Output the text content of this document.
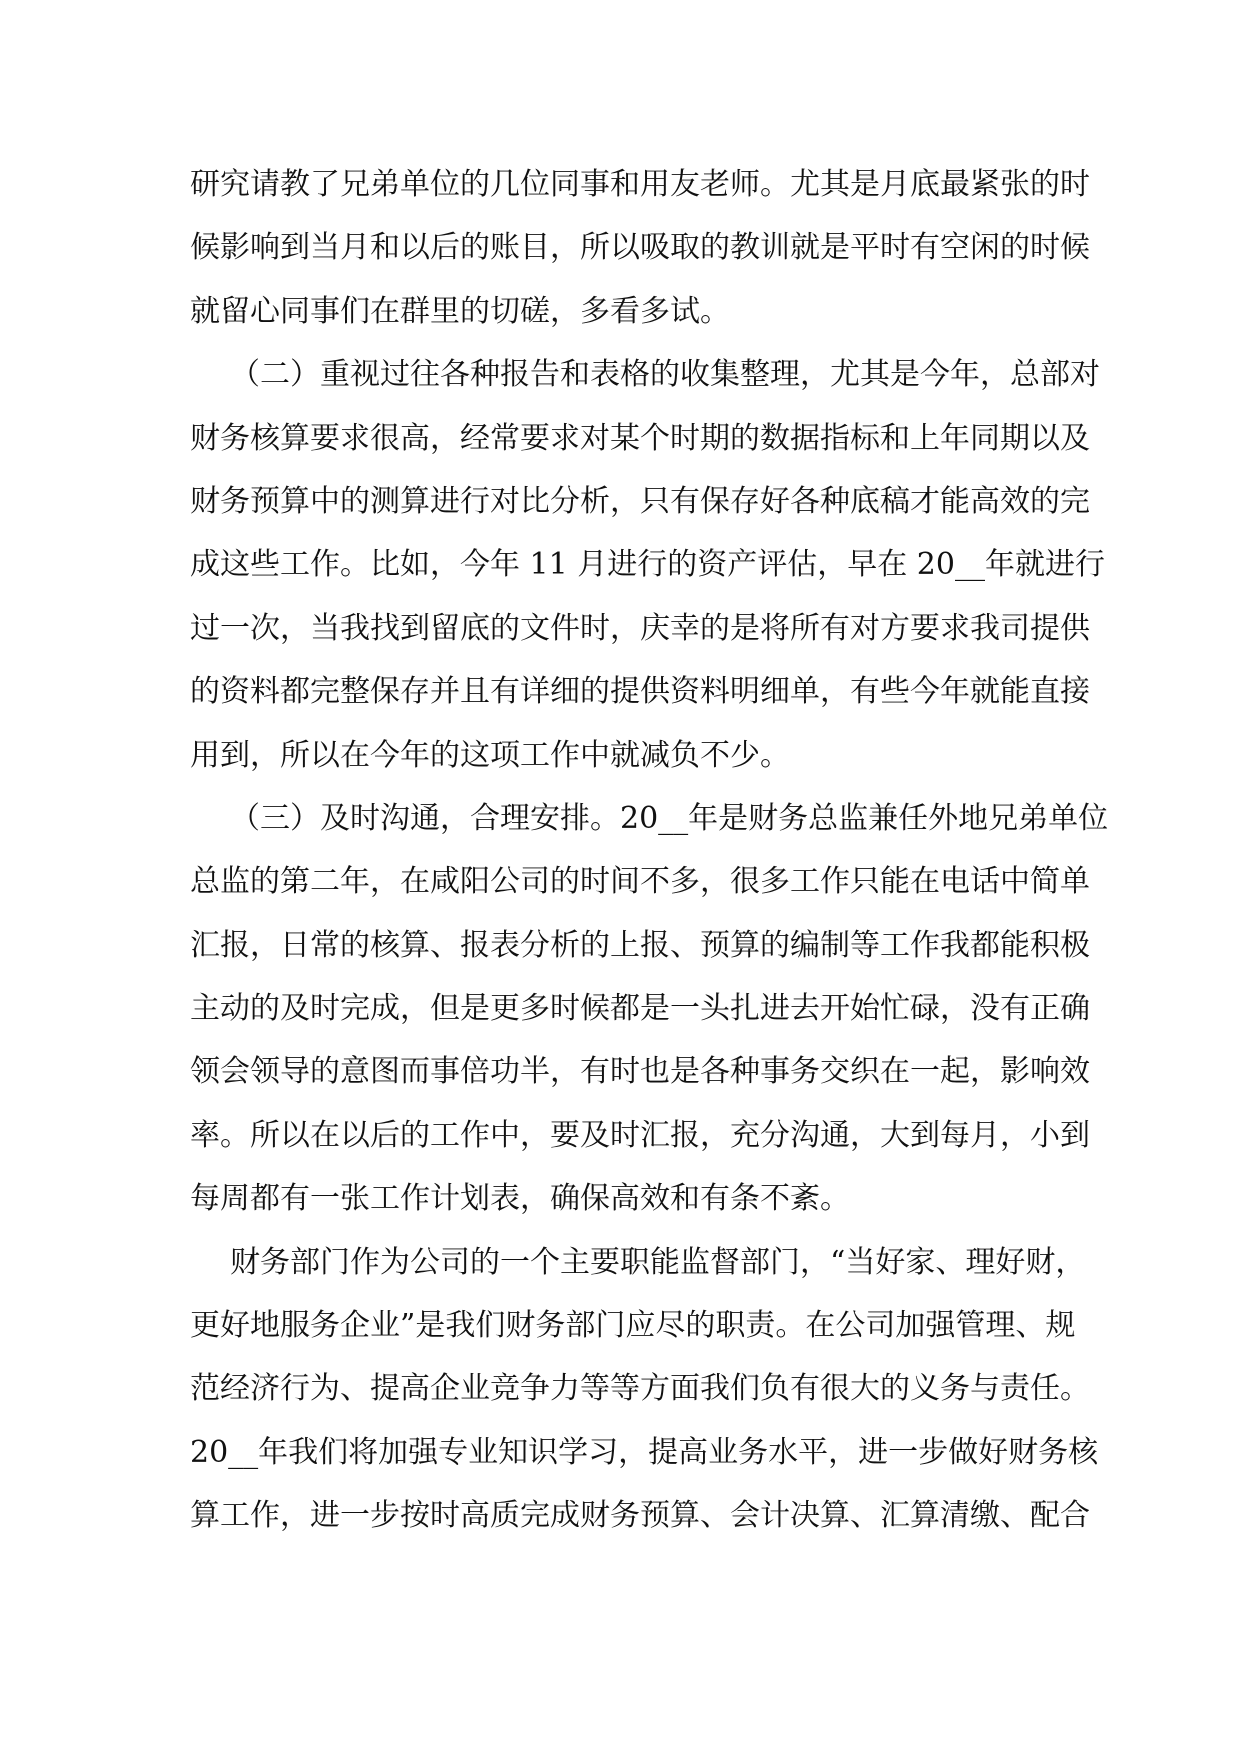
研究请教了兄弟单位的几位同事和用友老师。尤其是月底最紧张的时
候影响到当月和以后的账目，所以吸取的教训就是平时有空闲的时候
就留心同事们在群里的切磋，多看多试。
（二）重视过往各种报告和表格的收集整理，尤其是今年，总部对
财务核算要求很高，经常要求对某个时期的数据指标和上年同期以及
财务预算中的测算进行对比分析，只有保存好各种底稿才能高效的完
成这些工作。比如，今年 11 月进行的资产评估，早在 20__年就进行
过一次，当我找到留底的文件时，庆幸的是将所有对方要求我司提供
的资料都完整保存并且有详细的提供资料明细单，有些今年就能直接
用到，所以在今年的这项工作中就减负不少。
（三）及时沟通，合理安排。20__年是财务总监兼任外地兄弟单位
总监的第二年，在咸阳公司的时间不多，很多工作只能在电话中简单
汇报，日常的核算、报表分析的上报、预算的编制等工作我都能积极
主动的及时完成，但是更多时候都是一头扎进去开始忙碌，没有正确
领会领导的意图而事倍功半，有时也是各种事务交织在一起，影响效
率。所以在以后的工作中，要及时汇报，充分沟通，大到每月，小到
每周都有一张工作计划表，确保高效和有条不紊。
财务部门作为公司的一个主要职能监督部门，“当好家、理好财，
更好地服务企业”是我们财务部门应尽的职责。在公司加强管理、规
范经济行为、提高企业竞争力等等方面我们负有很大的义务与责任。
20__年我们将加强专业知识学习，提高业务水平，进一步做好财务核
算工作，进一步按时高质完成财务预算、会计决算、汇算清缴、配合
